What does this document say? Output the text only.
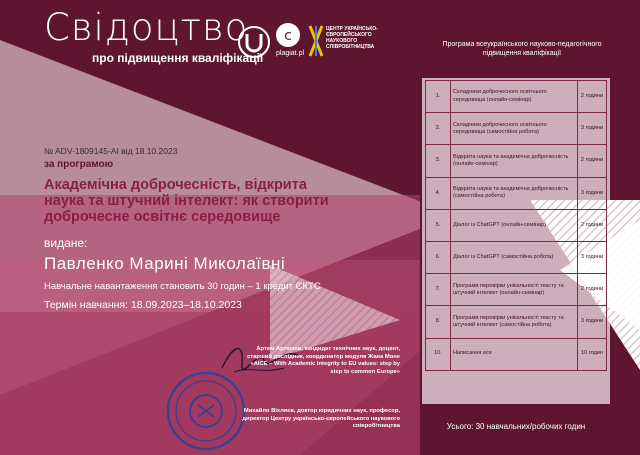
Свідоцтво
про підвищення кваліфікації
c
plagiat.pl
ЦЕНТР УКРАЇНСЬКО-ЄВРОПЕЙСЬКОГО НАУКОВОГО СПІВРОБІТНИЦТВА
№ ADV-1809145-AI від 18.10.2023
за програмою
Академічна доброчесність, відкрита наука та штучний інтелект: як створити доброчесне освітнє середовище
видане:
Павленко Марині Миколаївні
Навчальне навантаження становить 30 годин – 1 кредит ЄКТС
Термін навчання: 18.09.2023–18.10.2023
Артем Артюхов, кандидат технічних наук, доцент, старший дослідник, координатор модуля Жана Моне «AICE – With Academic integrity to EU values: step by step to common Europe»
Михайло Віхляєв, доктор юридичних наук, професор, директор Центру українсько-європейського наукового співробітництва
Програма всеукраїнського науково-педагогічного підвищення кваліфікації
1.	Складники доброчесного освітнього середовища (онлайн-семінар)	2 години
2.	Складники доброчесного освітнього середовища (самостійна робота)	3 години
3.	Відкрита наука та академічна доброчесність (онлайн-семінар)	2 години
4.	Відкрита наука та академічна доброчесність (самостійна робота)	3 години
5.	Діалог із ChatGPT (онлайн-семінар)	2 години
6.	Діалог із ChatGPT (самостійна робота)	3 години
7.	Програми перевірки унікальності тексту та штучний інтелект (онлайн-семінар)	2 години
8.	Програми перевірки унікальності тексту та штучний інтелект (самостійна робота)	3 години
10.	Написання есе	10 годин
Усього: 30 навчальних/робочих годин
